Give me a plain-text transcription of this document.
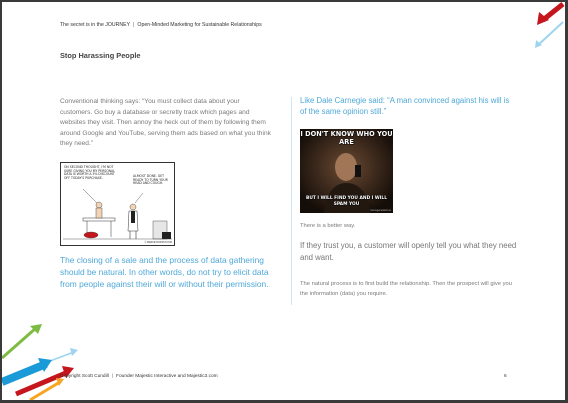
The secret is in the JOURNEY | Open-Minded Marketing for Sustainable Relationships
Stop Harassing People

Conventional thinking says: “You must collect data about your customers. Go buy a database or secretly track which pages and websites they visit. Then annoy the heck out of them by following them around Google and YouTube, serving them ads based on what you think they need.”

ON SECOND THOUGHT, I'M NOT SURE GIVING YOU MY PERSONAL DATA IS WORTH A 5% DISCOUNT OFF TODAY'S PURCHASE.
ALMOST DONE. GET READY TO TURN YOUR HEAD AND COUGH.
© MARKETOONIST.COM

The closing of a sale and the process of data gathering should be natural. In other words, do not try to elicit data from people against their will or without their permission.

Like Dale Carnegie said: “A man convinced against his will is of the same opinion still.”

I DON'T KNOW WHO YOU ARE
BUT I WILL FIND YOU AND I WILL SPAM YOU
memegenerator.net

There is a better way.

If they trust you, a customer will openly tell you what they need and want.

The natural process is to first build the relationship. Then the prospect will give you the information (data) you require.

Copyright Scott Cundill | Founder Majestic Interactive and Majestic3.com	6
